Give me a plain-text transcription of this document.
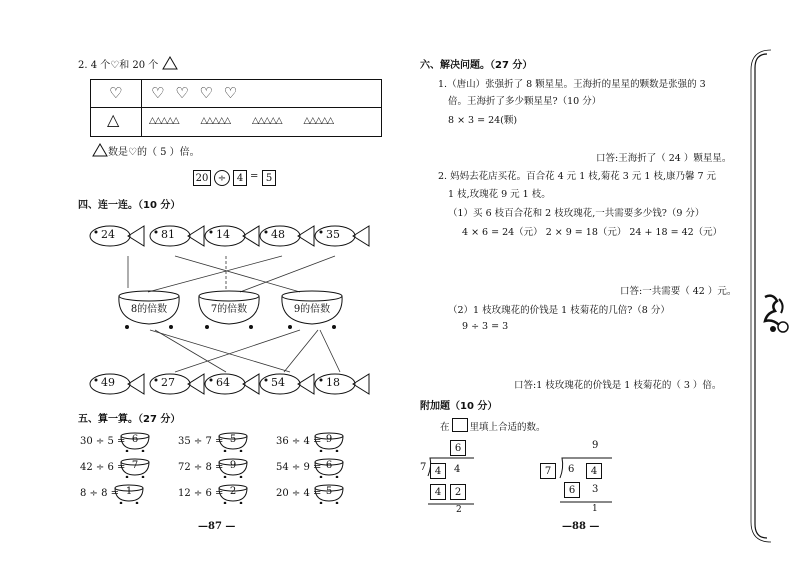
2. 4 个♡和 20 个
♡ ♡ ♡ ♡ ♡
△	△△△△△ △△△△△ △△△△△ △△△△△
数是♡的（ 5 ）倍。
20 ÷	4 = 5
四、连一连。（10 分）
24	81	14	48	35
8的倍数	7的倍数	9的倍数
49	27	64	54	18
五、算一算。（27 分）
30 ÷ 5 = 6	35 ÷ 7 = 5	36 ÷ 4 = 9
42 ÷ 6 = 7	72 ÷ 8 = 9	54 ÷ 9 = 6
8 ÷ 8 = 1	12 ÷ 6 = 2	20 ÷ 4 = 5
—87 —
六、解决问题。（27 分）
1.（唐山）张强折了 8 颗星星。王海折的星星的颗数是张强的 3
倍。王海折了多少颗星星?（10 分）
8 × 3 = 24(颗)
口答:王海折了（ 24 ）颗星星。
2. 妈妈去花店买花。百合花 4 元 1 枝,菊花 3 元 1 枝,康乃馨 7 元
1 枝,玫瑰花 9 元 1 枝。
（1）买 6 枝百合花和 2 枝玫瑰花,一共需要多少钱?（9 分）
4 × 6 = 24（元） 2 × 9 = 18（元） 24 + 18 = 42（元）
口答:一共需要（ 42 ）元。
（2）1 枝玫瑰花的价钱是 1 枝菊花的几倍?（8 分）
9 ÷ 3 = 3
口答:1 枝玫瑰花的价钱是 1 枝菊花的（ 3 ）倍。
附加题（10 分）
在 里填上合适的数。
6
7 4	4
4	2
2
9
7	6	4
6	3
1
—88 —
